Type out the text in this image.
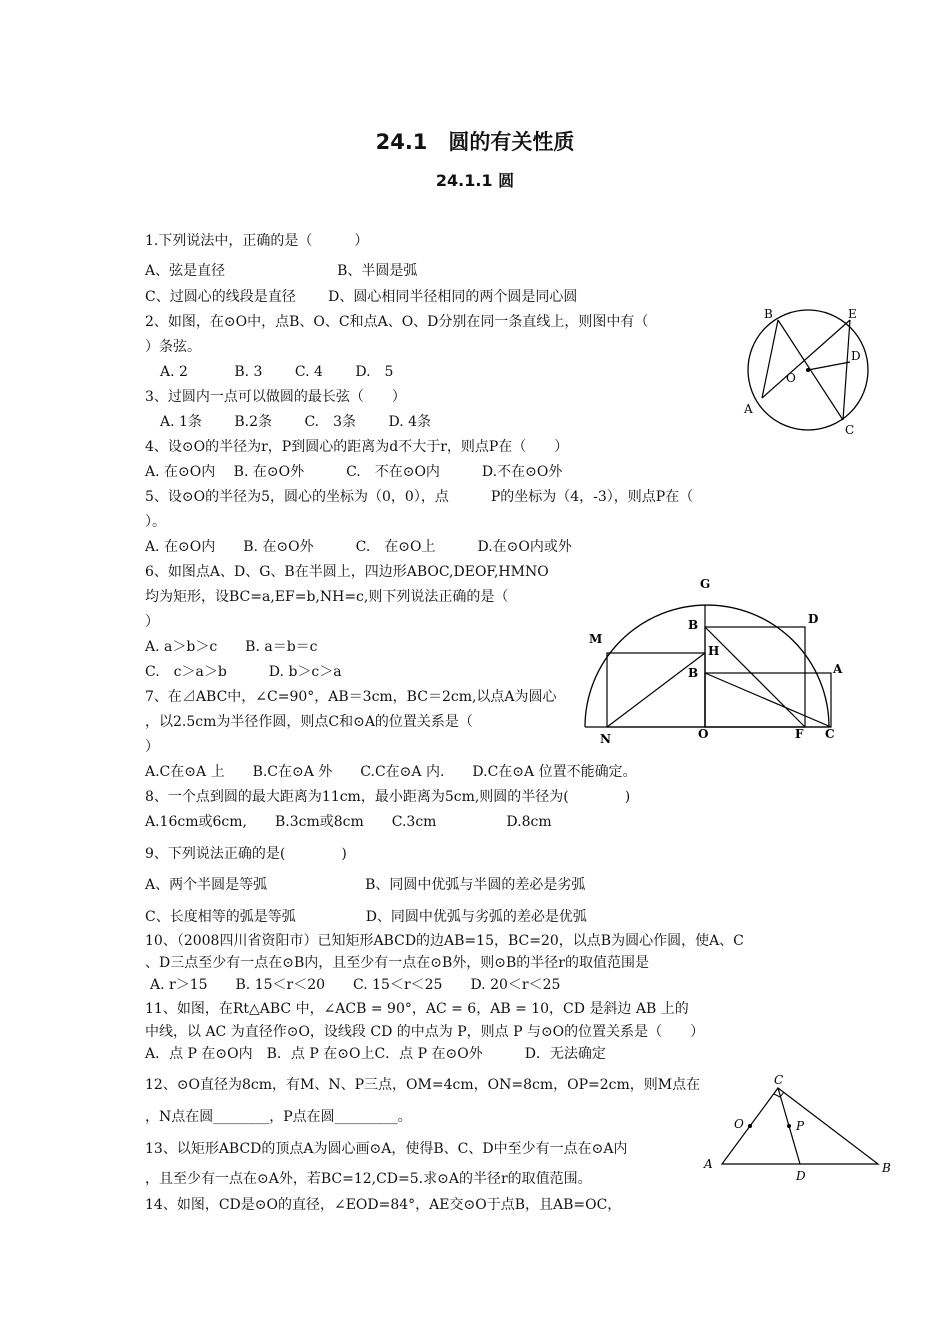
24.1　圆的有关性质
24.1.1 圆
1.下列说法中，正确的是（　　　）
A、弦是直径　　　　　　　　B、半圆是弧
C、过圆心的线段是直径　　 D、圆心相同半径相同的两个圆是同心圆
2、如图，在⊙O中，点B、O、C和点A、O、D分别在同一条直线上，则图中有（
）条弦。
A. 2　　　 B. 3　　 C. 4　　 D.　5
3、过圆内一点可以做圆的最长弦（　　）
A. 1条　　 B.2条　　 C.　3条　　 D. 4条
4、设⊙O的半径为r，P到圆心的距离为d不大于r，则点P在（　　）
A. 在⊙O内　 B. 在⊙O外　　　C.　不在⊙O内　　　D.不在⊙O外
5、设⊙O的半径为5，圆心的坐标为（0，0），点　　　P的坐标为（4，-3），则点P在（
）。
A. 在⊙O内　　B. 在⊙O外　　　C.　在⊙O上　　　D.在⊙O内或外
6、如图点A、D、G、B在半圆上，四边形ABOC,DEOF,HMNO
均为矩形，设BC=a,EF=b,NH=c,则下列说法正确的是（
）
A. a＞b＞c　　B. a＝b＝c
C.　c＞a＞b　　　D. b＞c＞a
7、在⊿ABC中，∠C=90°，AB＝3cm，BC＝2cm,以点A为圆心
，以2.5cm为半径作圆，则点C和⊙A的位置关系是（
）
A.C在⊙A 上　　B.C在⊙A 外　　C.C在⊙A 内.　　D.C在⊙A 位置不能确定。
8、一个点到圆的最大距离为11cm，最小距离为5cm,则圆的半径为(　　　　)
A.16cm或6cm,　　B.3cm或8cm　　C.3cm　　　　　D.8cm
9、下列说法正确的是(　　　　)
A、两个半圆是等弧　　　　　　　B、同圆中优弧与半圆的差必是劣弧
C、长度相等的弧是等弧　　　　　D、同圆中优弧与劣弧的差必是优弧
10、（2008四川省资阳市）已知矩形ABCD的边AB=15，BC=20，以点B为圆心作圆，使A、C
、D三点至少有一点在⊙B内，且至少有一点在⊙B外，则⊙B的半径r的取值范围是
A. r＞15　　B. 15＜r＜20　　C. 15＜r＜25　　D. 20＜r＜25
11、如图，在Rt△ABC 中，∠ACB = 90°，AC = 6，AB = 10，CD 是斜边 AB 上的
中线，以 AC 为直径作⊙O，设线段 CD 的中点为 P，则点 P 与⊙O的位置关系是（　　）
A．点 P 在⊙O内　B．点 P 在⊙O上C．点 P 在⊙O外　　　D．无法确定
12、⊙O直径为8cm，有M、N、P三点，OM=4cm，ON=8cm，OP=2cm，则M点在
，N点在圆________，P点在圆_________。
13、以矩形ABCD的顶点A为圆心画⊙A，使得B、C、D中至少有一点在⊙A内
，且至少有一点在⊙A外，若BC=12,CD=5.求⊙A的半径r的取值范围。
14、如图，CD是⊙O的直径，∠EOD=84°，AE交⊙O于点B，且AB=OC，
B	E
D
O
A
C
G
D
M
B
H
B	A
N	O	F C
C
O	P
A
D
B
